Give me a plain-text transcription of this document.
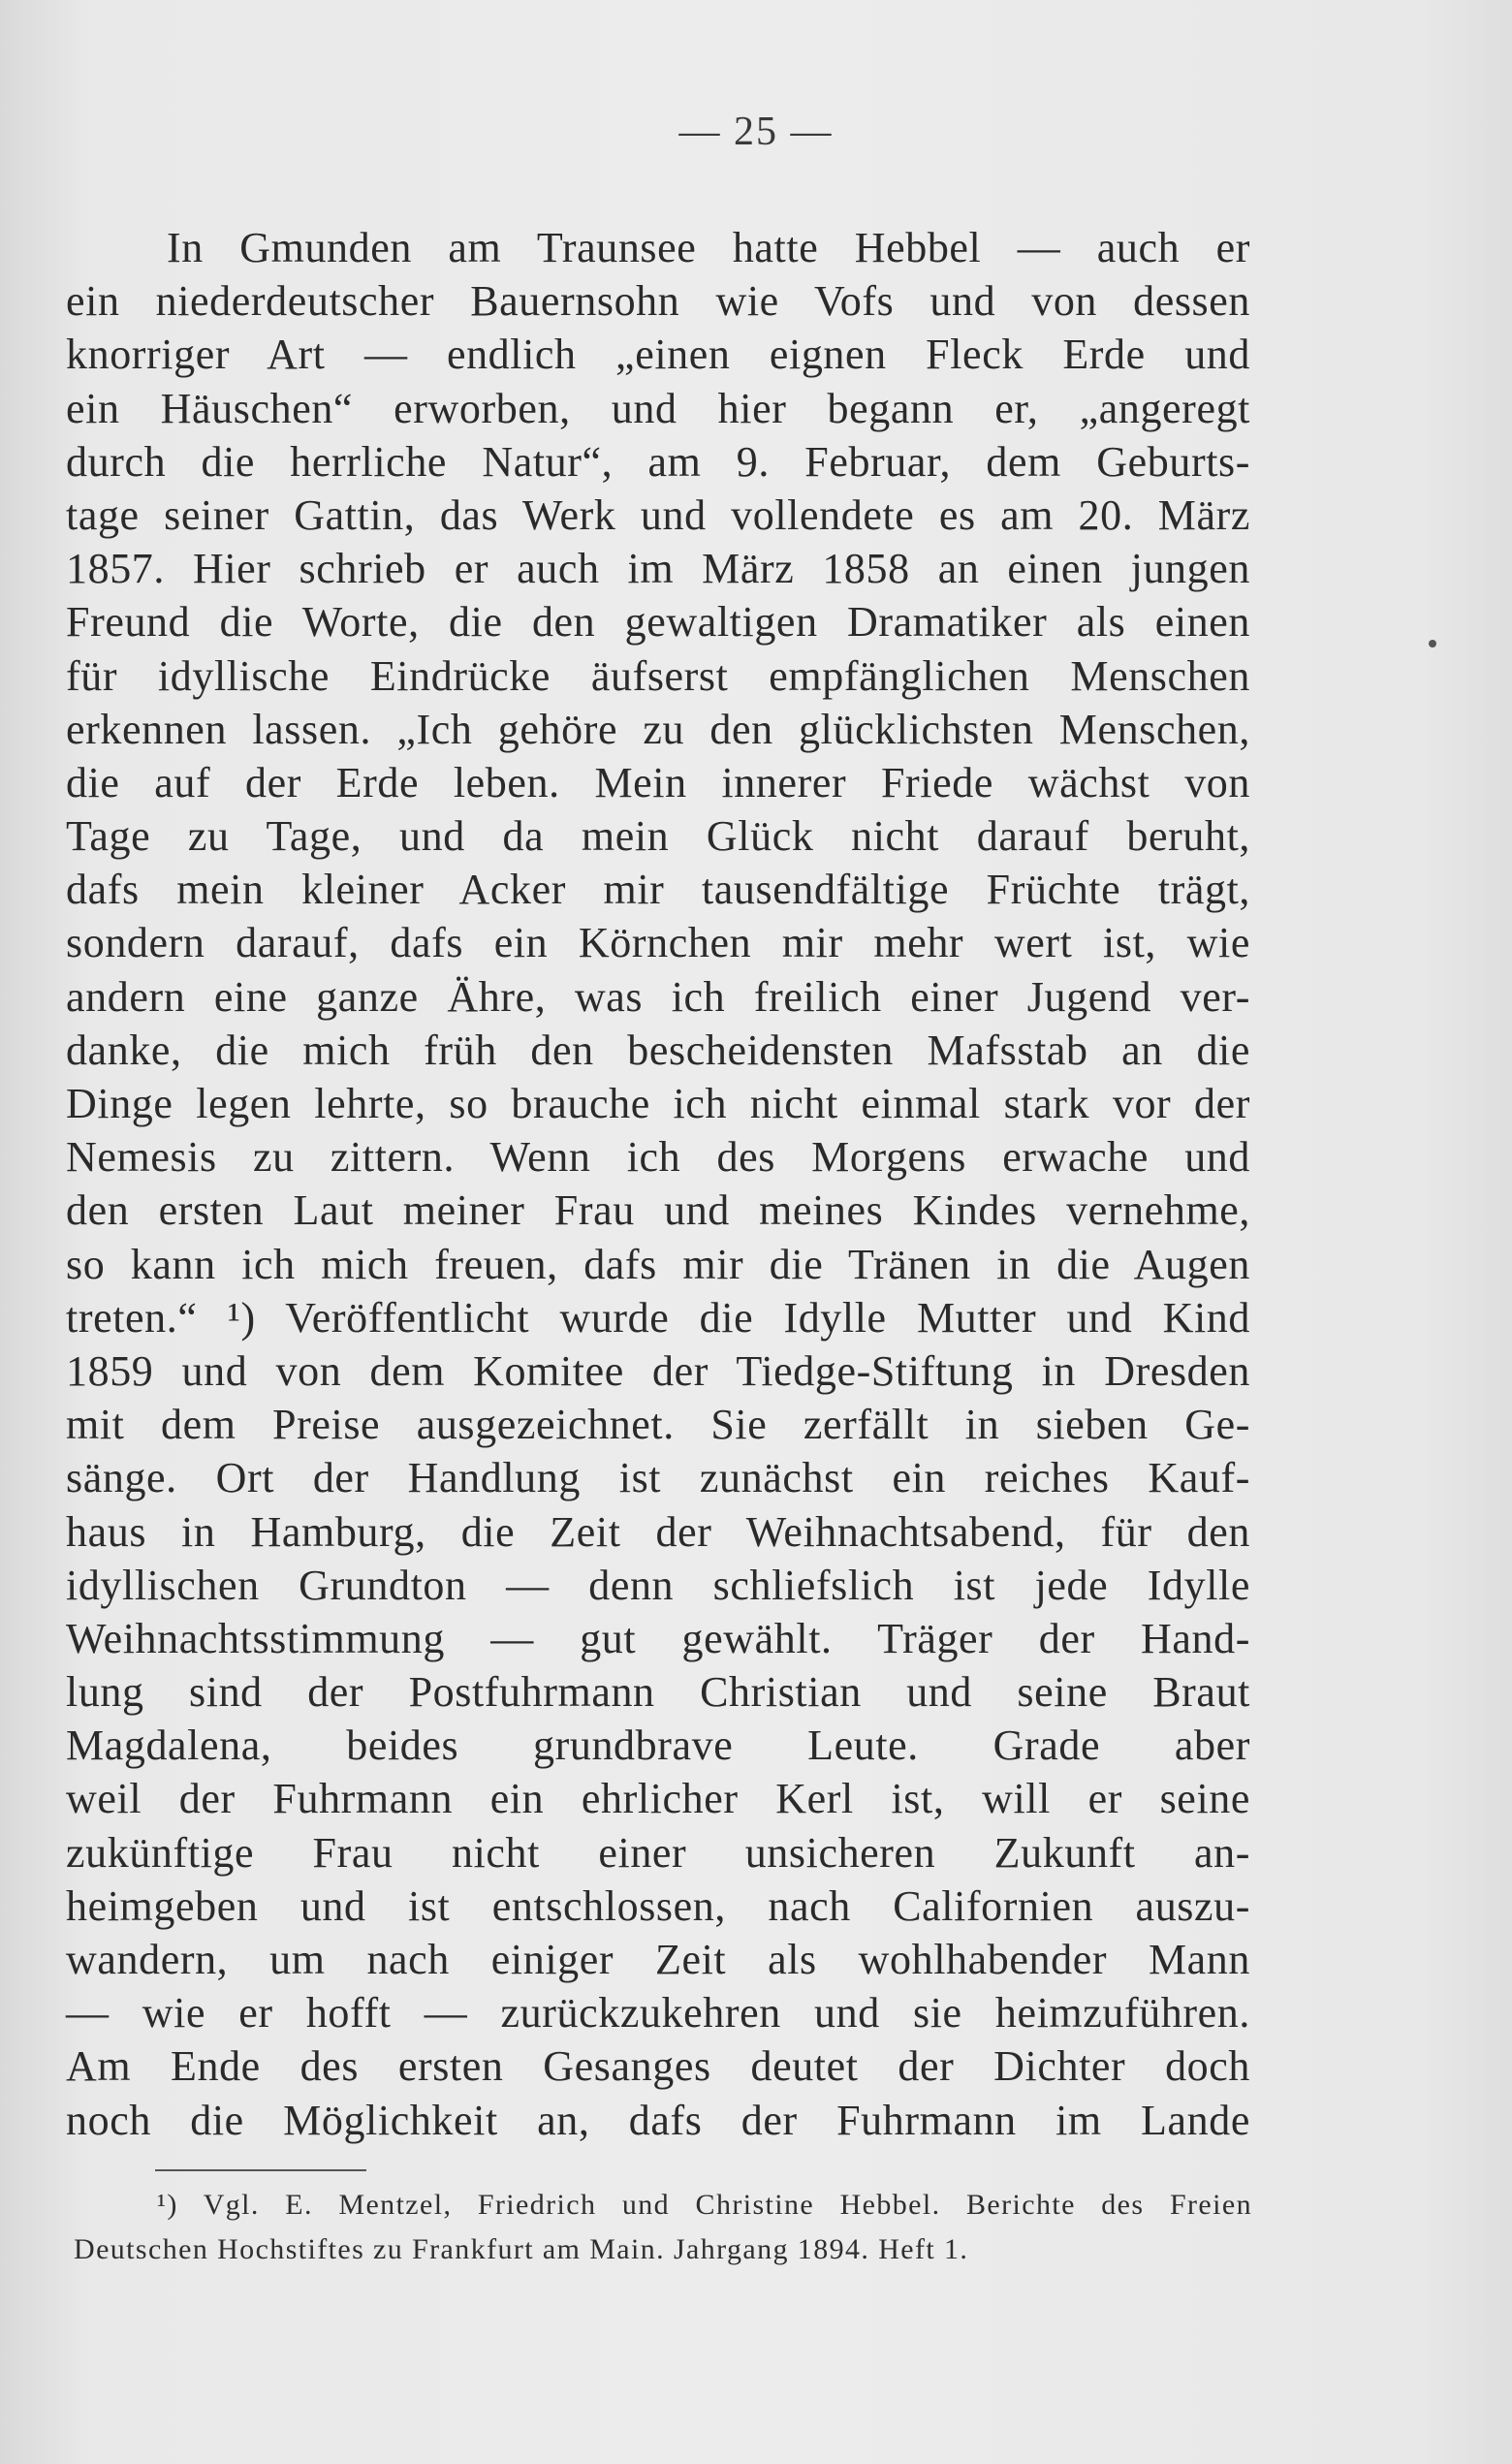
— 25 —
In Gmunden am Traunsee hatte Hebbel — auch er
ein niederdeutscher Bauernsohn wie Vofs und von dessen
knorriger Art — endlich „einen eignen Fleck Erde und
ein Häuschen“ erworben, und hier begann er, „angeregt
durch die herrliche Natur“, am 9. Februar, dem Geburts-
tage seiner Gattin, das Werk und vollendete es am 20. März
1857. Hier schrieb er auch im März 1858 an einen jungen
Freund die Worte, die den gewaltigen Dramatiker als einen
für idyllische Eindrücke äufserst empfänglichen Menschen
erkennen lassen. „Ich gehöre zu den glücklichsten Menschen,
die auf der Erde leben. Mein innerer Friede wächst von
Tage zu Tage, und da mein Glück nicht darauf beruht,
dafs mein kleiner Acker mir tausendfältige Früchte trägt,
sondern darauf, dafs ein Körnchen mir mehr wert ist, wie
andern eine ganze Ähre, was ich freilich einer Jugend ver-
danke, die mich früh den bescheidensten Mafsstab an die
Dinge legen lehrte, so brauche ich nicht einmal stark vor der
Nemesis zu zittern. Wenn ich des Morgens erwache und
den ersten Laut meiner Frau und meines Kindes vernehme,
so kann ich mich freuen, dafs mir die Tränen in die Augen
treten.“ ¹) Veröffentlicht wurde die Idylle Mutter und Kind
1859 und von dem Komitee der Tiedge-Stiftung in Dresden
mit dem Preise ausgezeichnet. Sie zerfällt in sieben Ge-
sänge. Ort der Handlung ist zunächst ein reiches Kauf-
haus in Hamburg, die Zeit der Weihnachtsabend, für den
idyllischen Grundton — denn schliefslich ist jede Idylle
Weihnachtsstimmung — gut gewählt. Träger der Hand-
lung sind der Postfuhrmann Christian und seine Braut
Magdalena, beides grundbrave Leute. Grade aber
weil der Fuhrmann ein ehrlicher Kerl ist, will er seine
zukünftige Frau nicht einer unsicheren Zukunft an-
heimgeben und ist entschlossen, nach Californien auszu-
wandern, um nach einiger Zeit als wohlhabender Mann
— wie er hofft — zurückzukehren und sie heimzuführen.
Am Ende des ersten Gesanges deutet der Dichter doch
noch die Möglichkeit an, dafs der Fuhrmann im Lande
¹) Vgl. E. Mentzel, Friedrich und Christine Hebbel. Berichte des Freien
Deutschen Hochstiftes zu Frankfurt am Main. Jahrgang 1894. Heft 1.
